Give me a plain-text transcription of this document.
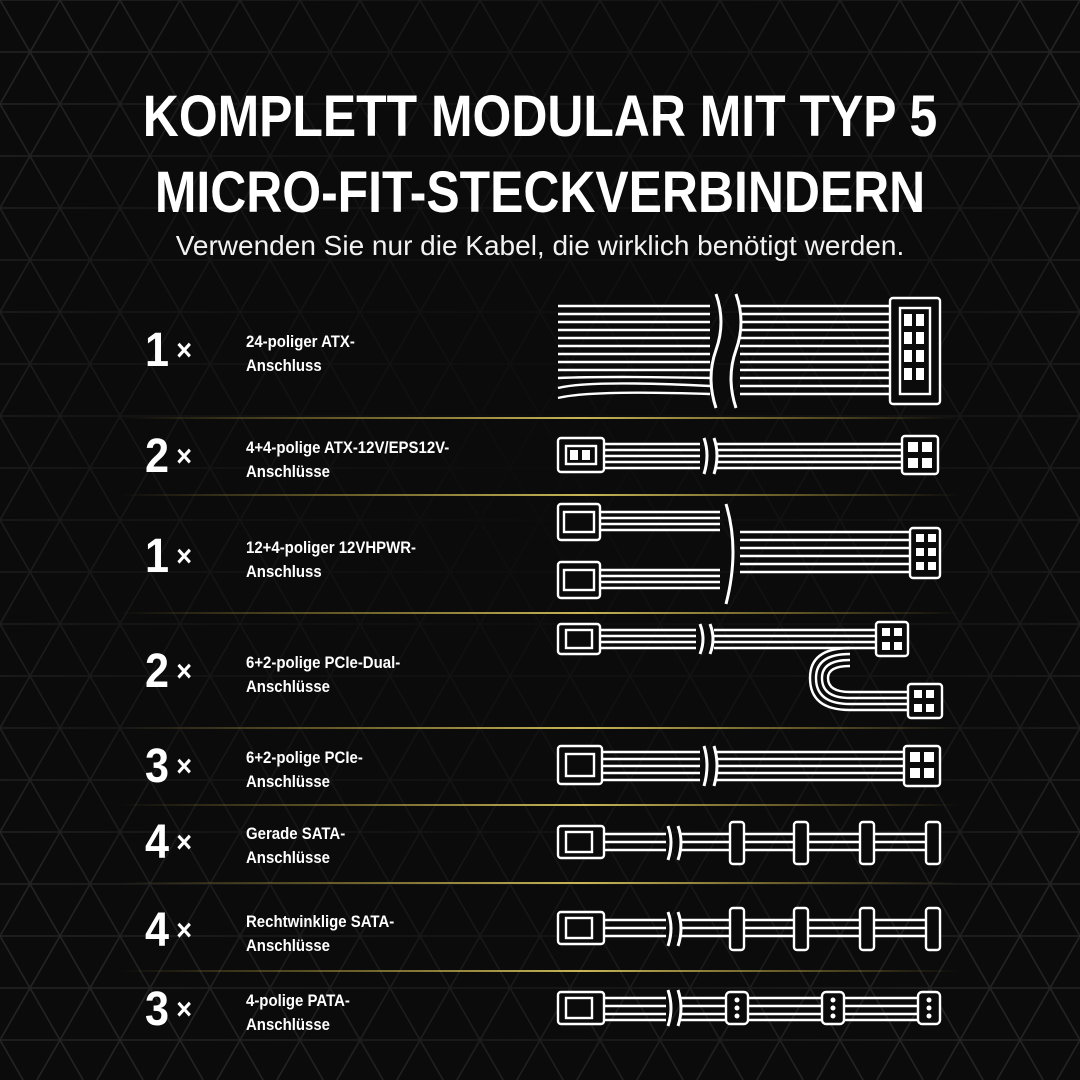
KOMPLETT MODULAR MIT TYP 5
MICRO-FIT-STECKVERBINDERN
Verwenden Sie nur die Kabel, die wirklich benötigt werden.
1 ×	24-poliger ATX-
Anschluss
2 ×	4+4-polige ATX-12V/EPS12V-
Anschlüsse
1 ×	12+4-poliger 12VHPWR-
Anschluss
2 ×	6+2-polige PCIe-Dual-
Anschlüsse
3 ×	6+2-polige PCIe-
Anschlüsse
4 ×	Gerade SATA-
Anschlüsse
4 ×	Rechtwinklige SATA-
Anschlüsse
3 ×	4-polige PATA-
Anschlüsse
